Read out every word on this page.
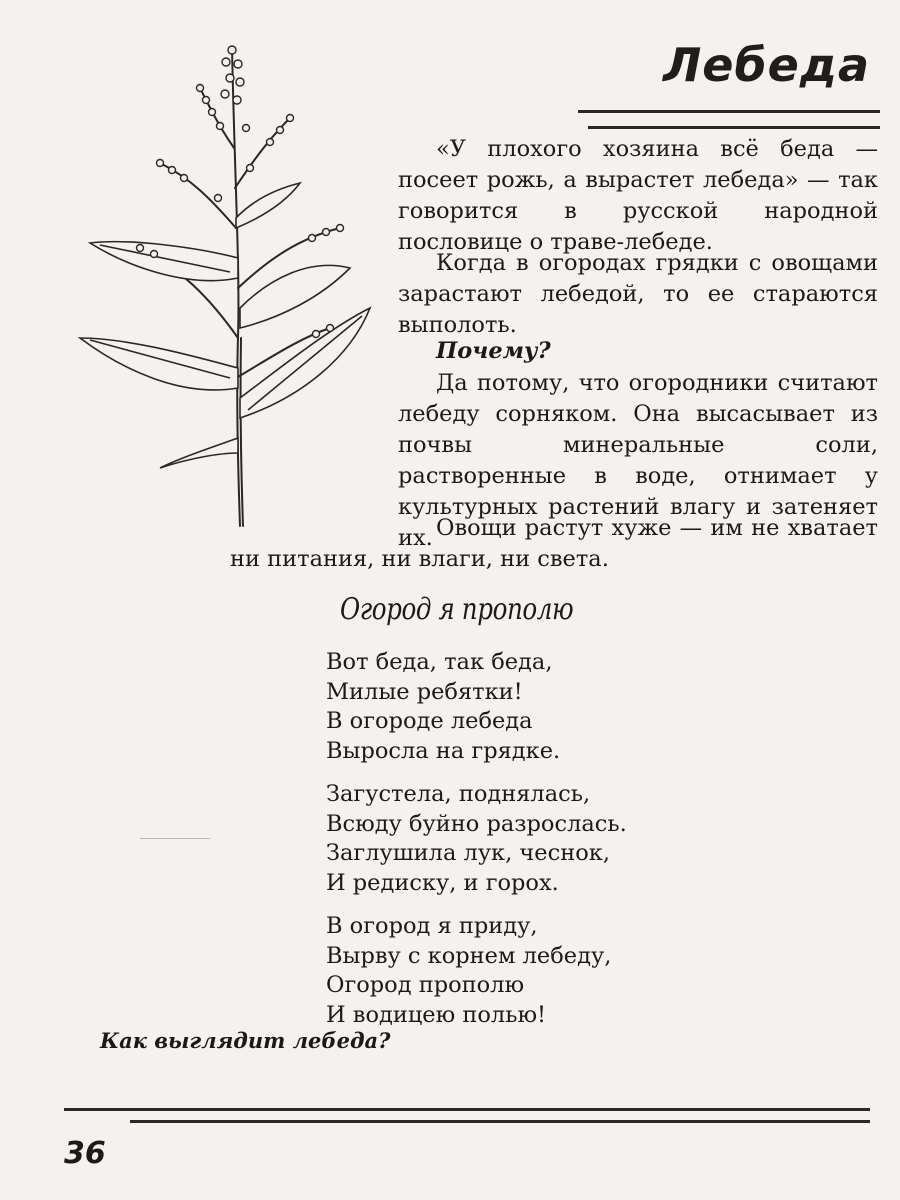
Лебеда
«У плохого хозяина всё беда — посеет рожь, а вырастет лебеда» — так говорится в русской народной пословице о траве-лебеде.
Когда в огородах грядки с овощами зарастают лебедой, то ее стараются выполоть.
Почему?
Да потому, что огородники считают лебеду сорняком. Она высасывает из почвы минеральные соли, растворенные в воде, отнимает у культурных растений влагу и затеняет их. Овощи растут хуже — им не хватает ни питания, ни влаги, ни света.
Огород я прополю
Вот беда, так беда,
Милые ребятки!
В огороде лебеда
Выросла на грядке.
Загустела, поднялась,
Всюду буйно разрослась.
Заглушила лук, чеснок,
И редиску, и горох.
В огород я приду,
Вырву с корнем лебеду,
Огород прополю
И водицею полью!
Как выглядит лебеда?
36
